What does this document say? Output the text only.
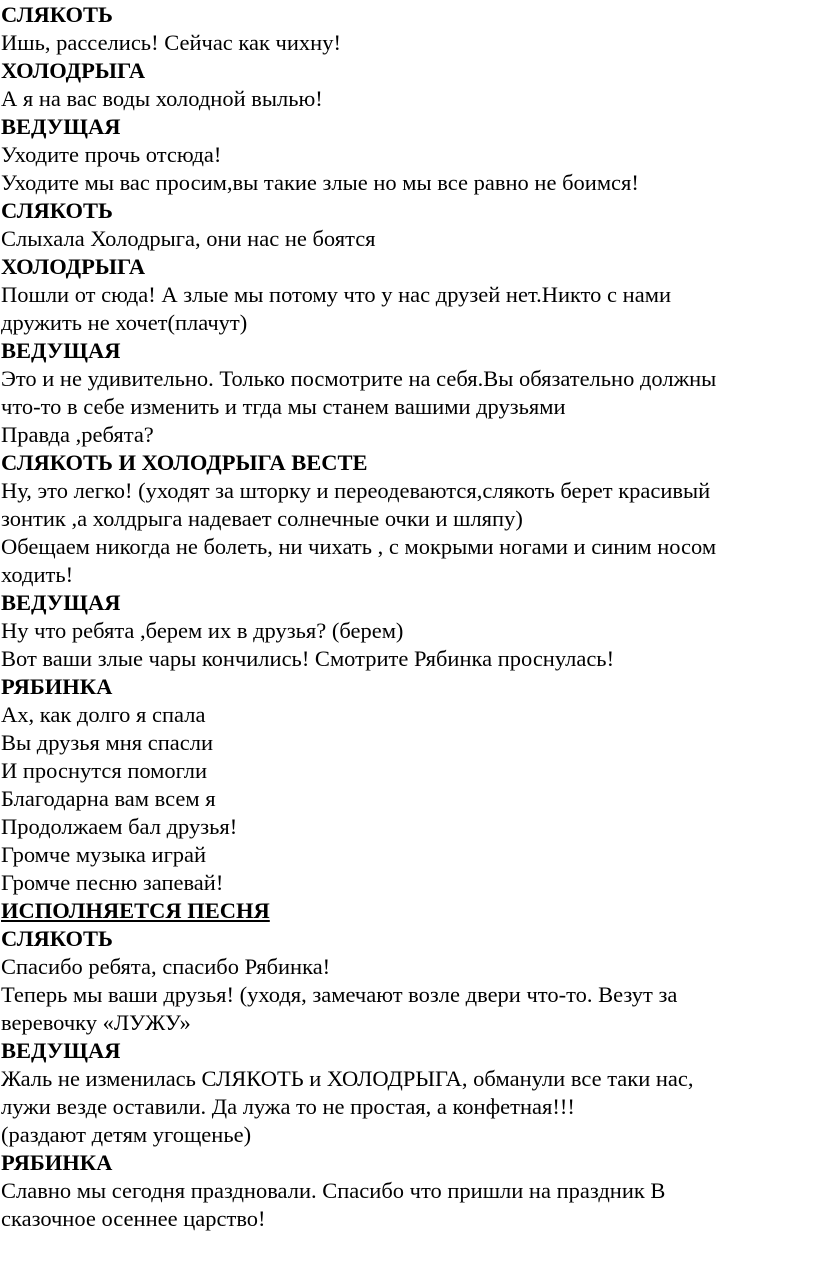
СЛЯКОТЬ
Ишь, расселись! Сейчас как чихну!
ХОЛОДРЫГА
А я на вас воды холодной вылью!
ВЕДУЩАЯ
Уходите прочь отсюда!
Уходите мы вас просим,вы такие злые но мы все равно не боимся!
СЛЯКОТЬ
Слыхала Холодрыга, они нас не боятся
ХОЛОДРЫГА
Пошли от сюда! А злые мы потому что у нас друзей нет.Никто с нами
дружить не хочет(плачут)
ВЕДУЩАЯ
Это и не удивительно. Только посмотрите на себя.Вы обязательно должны
что-то в себе изменить и тгда мы станем вашими друзьями
Правда ,ребята?
СЛЯКОТЬ И ХОЛОДРЫГА ВЕСТЕ
Ну, это легко! (уходят за шторку и переодеваются,слякоть берет красивый
зонтик ,а холдрыга надевает солнечные очки и шляпу)
Обещаем никогда не болеть, ни чихать , с мокрыми ногами и синим носом
ходить!
ВЕДУЩАЯ
Ну что ребята ,берем их в друзья? (берем)
Вот ваши злые чары кончились! Смотрите Рябинка проснулась!
РЯБИНКА
Ах, как долго я спала
Вы друзья мня спасли
И проснутся помогли
Благодарна вам всем я
Продолжаем бал друзья!
Громче музыка играй
Громче песню запевай!
ИСПОЛНЯЕТСЯ ПЕСНЯ
СЛЯКОТЬ
Спасибо ребята, спасибо Рябинка!
Теперь мы ваши друзья! (уходя, замечают возле двери что-то. Везут за
веревочку «ЛУЖУ»
ВЕДУЩАЯ
Жаль не изменилась СЛЯКОТЬ и ХОЛОДРЫГА, обманули все таки нас,
лужи везде оставили. Да лужа то не простая, а конфетная!!!
(раздают детям угощенье)
РЯБИНКА
Славно мы сегодня праздновали. Спасибо что пришли на праздник В
сказочное осеннее царство!
